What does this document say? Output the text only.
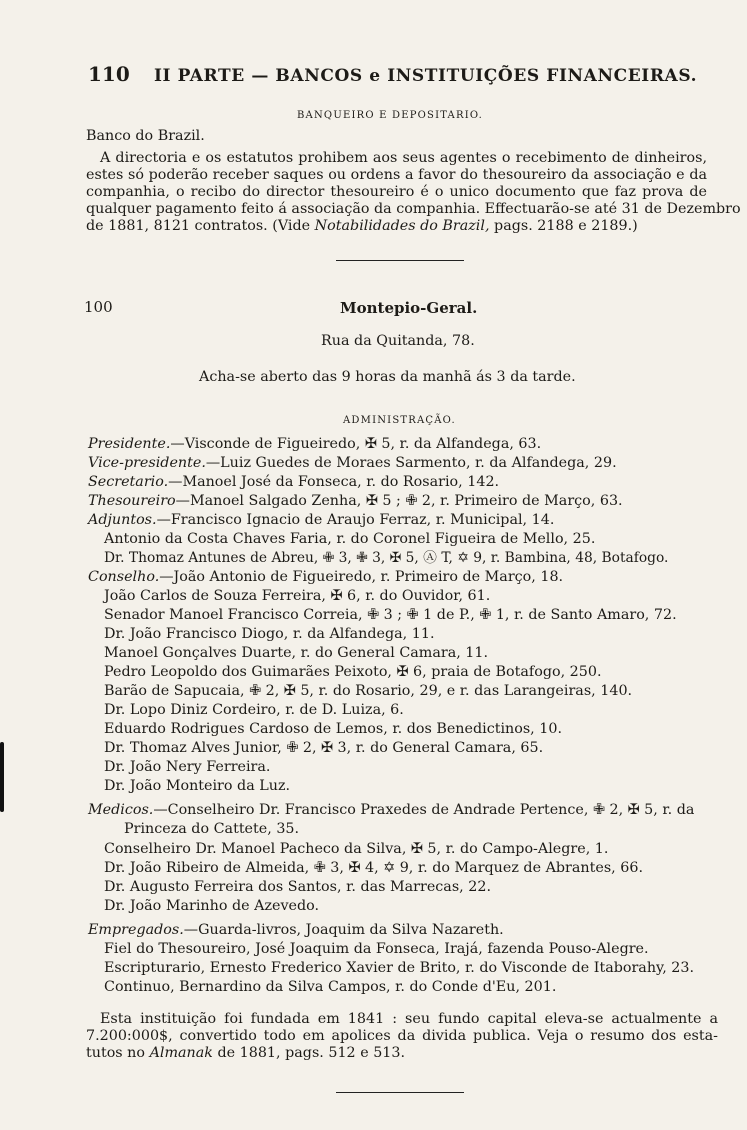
110 II PARTE — BANCOS e INSTITUIÇÕES FINANCEIRAS.
BANQUEIRO E DEPOSITARIO.
Banco do Brazil.
A directoria e os estatutos prohibem aos seus agentes o recebimento de dinheiros,
estes só poderão receber saques ou ordens a favor do thesoureiro da associação e da
companhia, o recibo do director thesoureiro é o unico documento que faz prova de
qualquer pagamento feito á associação da companhia. Effectuarão-se até 31 de Dezembro
de 1881, 8121 contratos. (Vide Notabilidades do Brazil, pags. 2188 e 2189.)
100	Montepio-Geral.
Rua da Quitanda, 78.
Acha-se aberto das 9 horas da manhã ás 3 da tarde.
ADMINISTRAÇÃO.
Presidente.—Visconde de Figueiredo, ✠ 5, r. da Alfandega, 63.
Vice-presidente.—Luiz Guedes de Moraes Sarmento, r. da Alfandega, 29.
Secretario.—Manoel José da Fonseca, r. do Rosario, 142.
Thesoureiro—Manoel Salgado Zenha, ✠ 5 ; ✙ 2, r. Primeiro de Março, 63.
Adjuntos.—Francisco Ignacio de Araujo Ferraz, r. Municipal, 14.
Antonio da Costa Chaves Faria, r. do Coronel Figueira de Mello, 25.
Dr. Thomaz Antunes de Abreu, ✙ 3, ✙ 3, ✠ 5, Ⓐ T, ✡ 9, r. Bambina, 48, Botafogo.
Conselho.—João Antonio de Figueiredo, r. Primeiro de Março, 18.
João Carlos de Souza Ferreira, ✠ 6, r. do Ouvidor, 61.
Senador Manoel Francisco Correia, ✙ 3 ; ✙ 1 de P., ✙ 1, r. de Santo Amaro, 72.
Dr. João Francisco Diogo, r. da Alfandega, 11.
Manoel Gonçalves Duarte, r. do General Camara, 11.
Pedro Leopoldo dos Guimarães Peixoto, ✠ 6, praia de Botafogo, 250.
Barão de Sapucaia, ✙ 2, ✠ 5, r. do Rosario, 29, e r. das Larangeiras, 140.
Dr. Lopo Diniz Cordeiro, r. de D. Luiza, 6.
Eduardo Rodrigues Cardoso de Lemos, r. dos Benedictinos, 10.
Dr. Thomaz Alves Junior, ✙ 2, ✠ 3, r. do General Camara, 65.
Dr. João Nery Ferreira.
Dr. João Monteiro da Luz.
Medicos.—Conselheiro Dr. Francisco Praxedes de Andrade Pertence, ✙ 2, ✠ 5, r. da
Princeza do Cattete, 35.
Conselheiro Dr. Manoel Pacheco da Silva, ✠ 5, r. do Campo-Alegre, 1.
Dr. João Ribeiro de Almeida, ✙ 3, ✠ 4, ✡ 9, r. do Marquez de Abrantes, 66.
Dr. Augusto Ferreira dos Santos, r. das Marrecas, 22.
Dr. João Marinho de Azevedo.
Empregados.—Guarda-livros, Joaquim da Silva Nazareth.
Fiel do Thesoureiro, José Joaquim da Fonseca, Irajá, fazenda Pouso-Alegre.
Escripturario, Ernesto Frederico Xavier de Brito, r. do Visconde de Itaborahy, 23.
Continuo, Bernardino da Silva Campos, r. do Conde d'Eu, 201.
Esta instituição foi fundada em 1841 : seu fundo capital eleva-se actualmente a
7.200:000$, convertido todo em apolices da divida publica. Veja o resumo dos esta-
tutos no Almanak de 1881, pags. 512 e 513.
